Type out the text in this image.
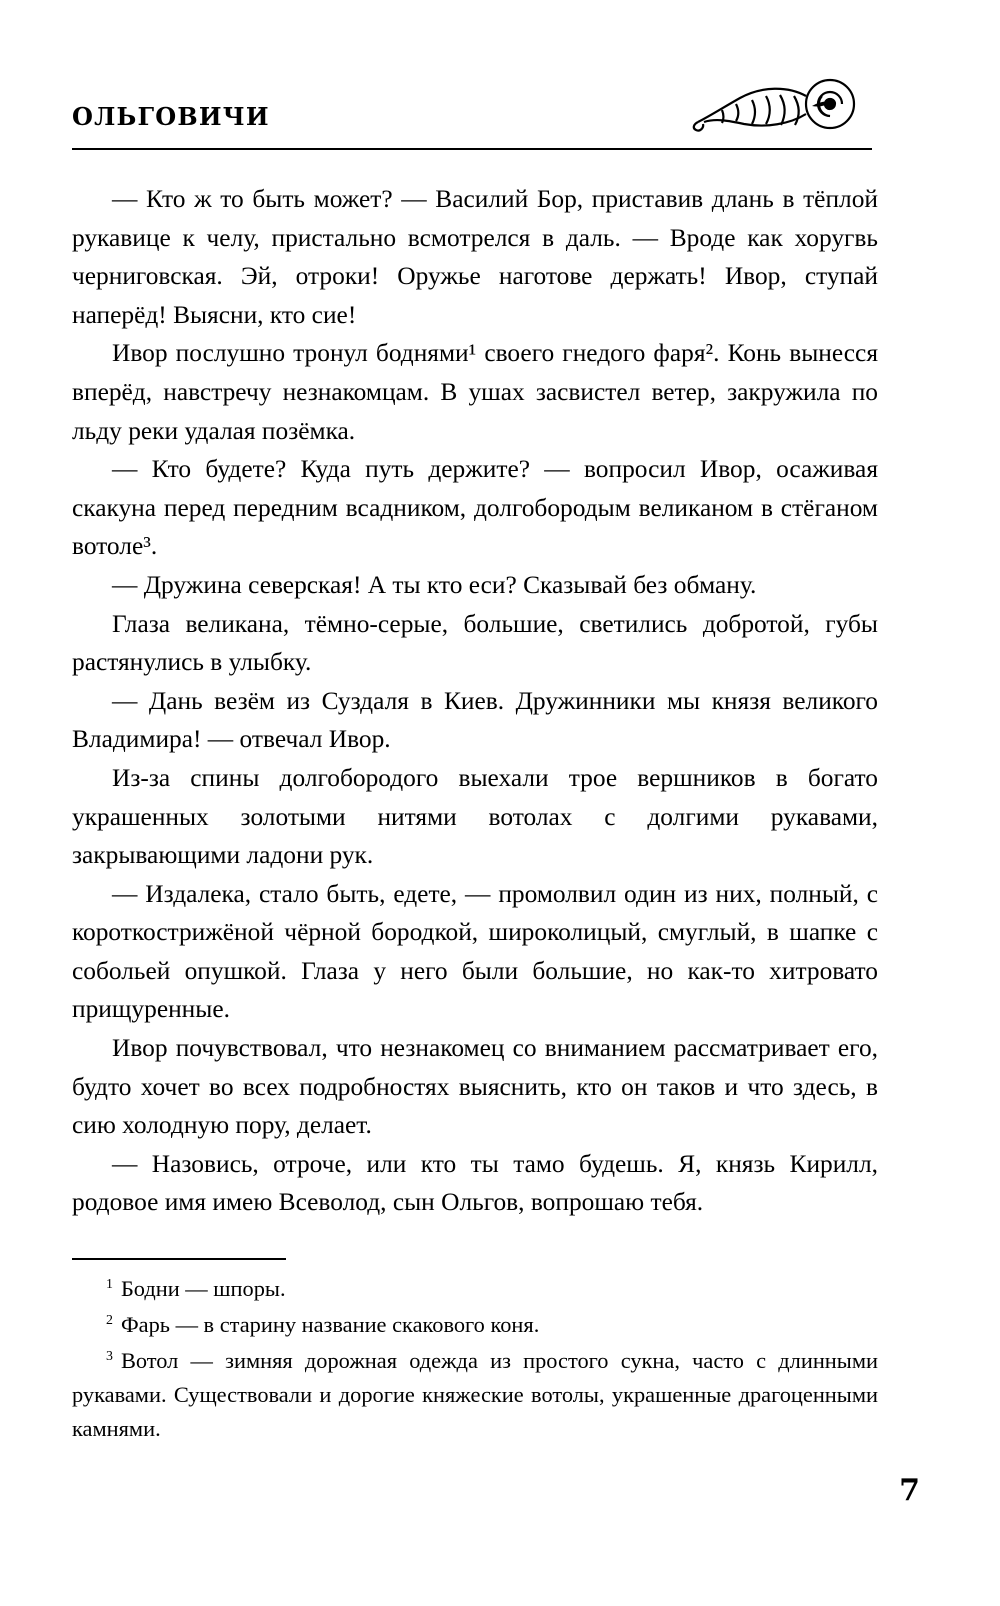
ОЛЬГОВИЧИ

— Кто ж то быть может? — Василий Бор, приставив длань в тёплой рукавице к челу, пристально всмотрелся в даль. — Вроде как хоругвь черниговская. Эй, отроки! Оружье наготове держать! Ивор, ступай наперёд! Выясни, кто сие!

Ивор послушно тронул боднями¹ своего гнедого фаря². Конь вынесся вперёд, навстречу незнакомцам. В ушах засвистел ветер, закружила по льду реки удалая позёмка.

— Кто будете? Куда путь держите? — вопросил Ивор, осаживая скакуна перед передним всадником, долгобородым великаном в стёганом вотоле³.

— Дружина северская! А ты кто еси? Сказывай без обману.

Глаза великана, тёмно-серые, большие, светились добротой, губы растянулись в улыбку.

— Дань везём из Суздаля в Киев. Дружинники мы князя великого Владимира! — отвечал Ивор.

Из-за спины долгобородого выехали трое вершников в богато украшенных золотыми нитями вотолах с долгими рукавами, закрывающими ладони рук.

— Издалека, стало быть, едете, — промолвил один из них, полный, с короткострижёной чёрной бородкой, широколицый, смуглый, в шапке с собольей опушкой. Глаза у него были большие, но как-то хитровато прищуренные.

Ивор почувствовал, что незнакомец со вниманием рассматривает его, будто хочет во всех подробностях выяснить, кто он таков и что здесь, в сию холодную пору, делает.

— Назовись, отроче, или кто ты тамо будешь. Я, князь Кирилл, родовое имя имею Всеволод, сын Ольгов, вопрошаю тебя.

$^1$ Бодни — шпоры.

$^2$ Фарь — в старину название скакового коня.

$^3$ Вотол — зимняя дорожная одежда из простого сукна, часто с длинными рукавами. Существовали и дорогие княжеские вотолы, украшенные драгоценными камнями.

7
